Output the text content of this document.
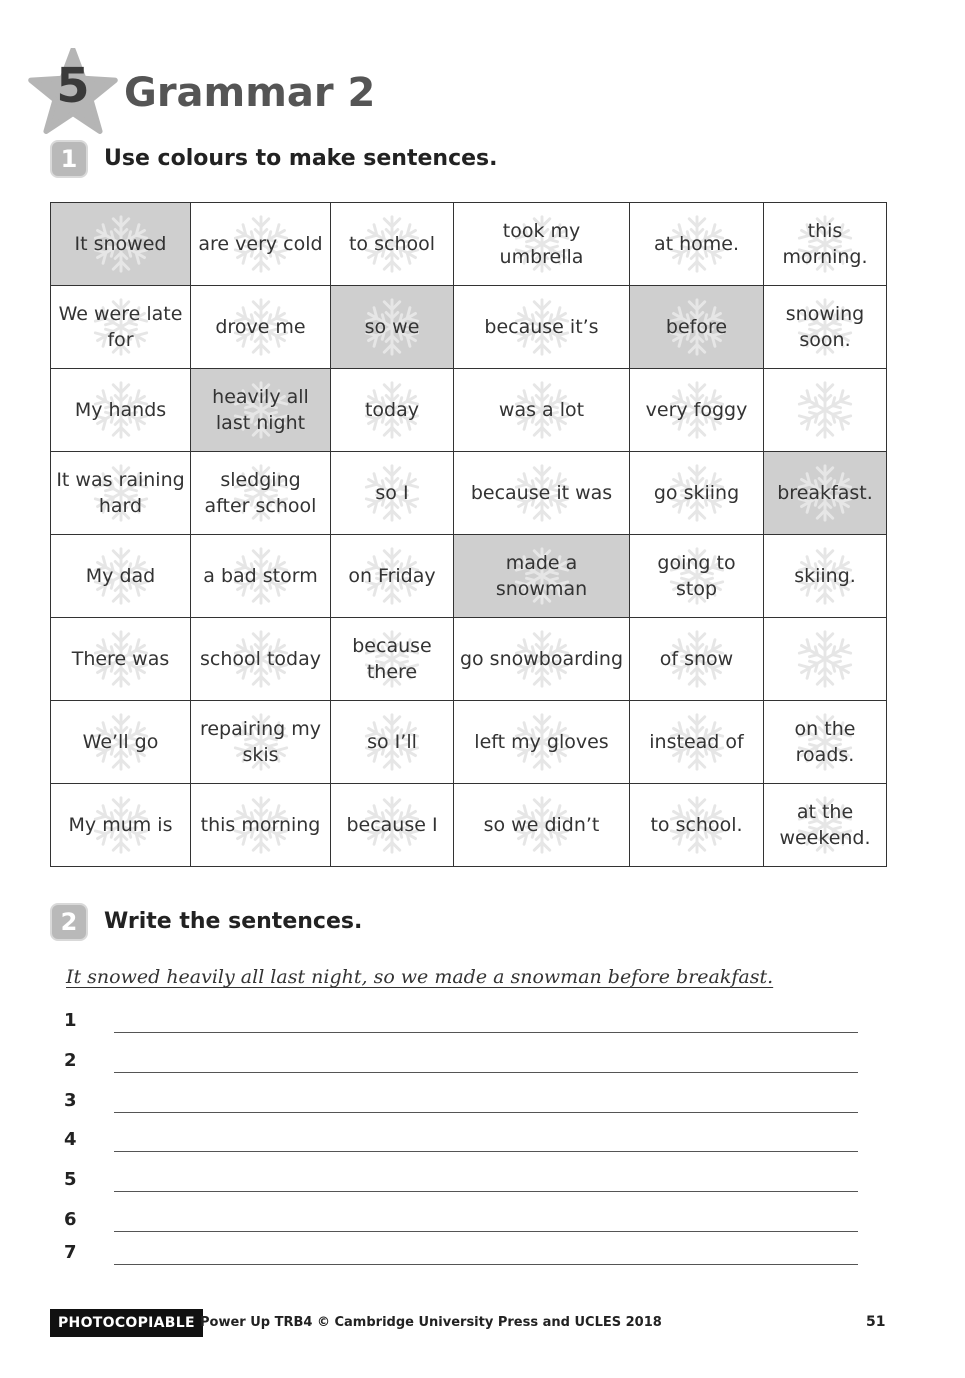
5 Grammar 2
1	Use colours to make sentences.
It snowed	are very cold	to school	took my umbrella	at home.	this morning.

We were late for	drove me	so we	because it’s	before	snowing soon.

My hands	heavily all last night	today	was a lot	very foggy	

It was raining hard	sledging after school	so I	because it was	go skiing	breakfast.

My dad	a bad storm	on Friday	made a snowman	going to stop	skiing.

There was	school today	because there	go snowboarding	of snow	

We’ll go	repairing my skis	so I’ll	left my gloves	instead of	on the roads.

My mum is	this morning	because I	so we didn’t	to school.	at the weekend.
2	Write the sentences.
It snowed heavily all last night, so we made a snowman before breakfast.
1
2
3
4
5
6
7
PHOTOCOPIABLE Power Up TRB4 © Cambridge University Press and UCLES 2018	51
